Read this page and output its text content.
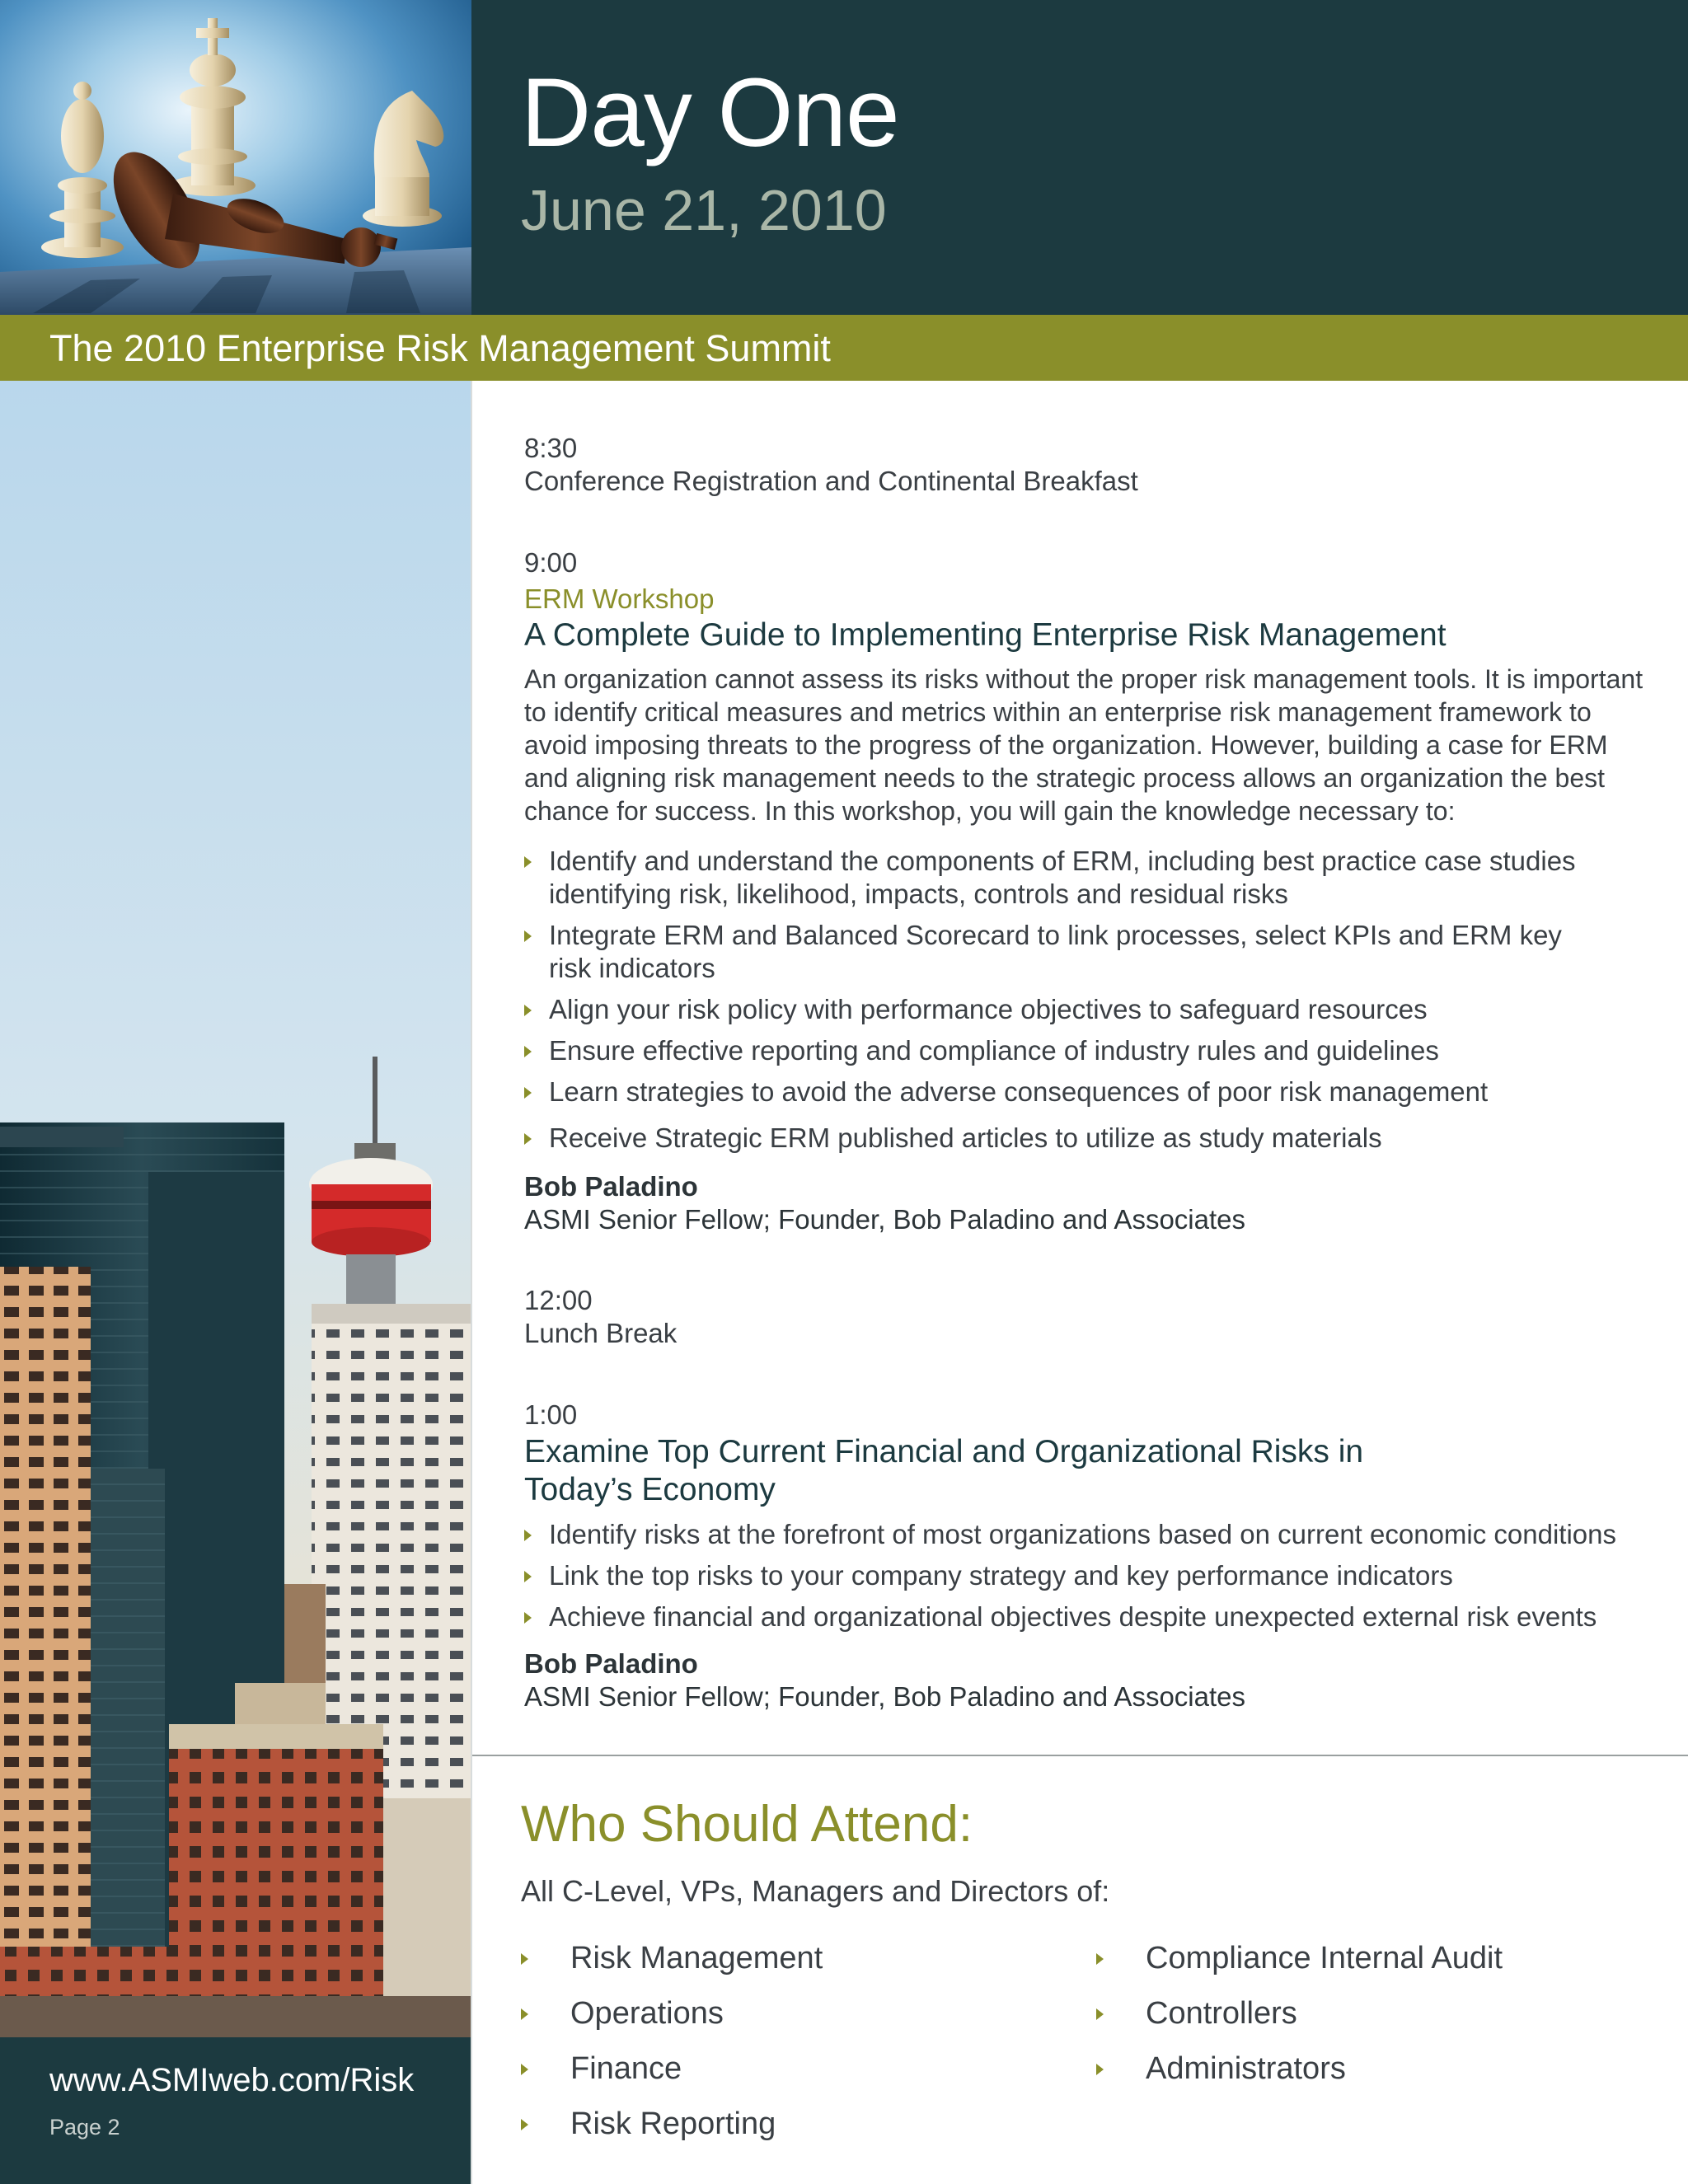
Day One
June 21, 2010
The 2010 Enterprise Risk Management Summit
www.ASMIweb.com/Risk
Page 2
8:30
Conference Registration and Continental Breakfast
9:00
ERM Workshop
A Complete Guide to Implementing Enterprise Risk Management
An organization cannot assess its risks without the proper risk management tools. It is important
to identify critical measures and metrics within an enterprise risk management framework to
avoid imposing threats to the progress of the organization. However, building a case for ERM
and aligning risk management needs to the strategic process allows an organization the best
chance for success. In this workshop, you will gain the knowledge necessary to:
Identify and understand the components of ERM, including best practice case studies
identifying risk, likelihood, impacts, controls and residual risks
Integrate ERM and Balanced Scorecard to link processes, select KPIs and ERM key
risk indicators
Align your risk policy with performance objectives to safeguard resources
Ensure effective reporting and compliance of industry rules and guidelines
Learn strategies to avoid the adverse consequences of poor risk management
Receive Strategic ERM published articles to utilize as study materials
Bob Paladino
ASMI Senior Fellow; Founder, Bob Paladino and Associates
12:00
Lunch Break
1:00
Examine Top Current Financial and Organizational Risks in
Today’s Economy
Identify risks at the forefront of most organizations based on current economic conditions
Link the top risks to your company strategy and key performance indicators
Achieve financial and organizational objectives despite unexpected external risk events
Bob Paladino
ASMI Senior Fellow; Founder, Bob Paladino and Associates
Who Should Attend:
All C-Level, VPs, Managers and Directors of:
Risk Management
Operations
Finance
Risk Reporting
Compliance Internal Audit
Controllers
Administrators
